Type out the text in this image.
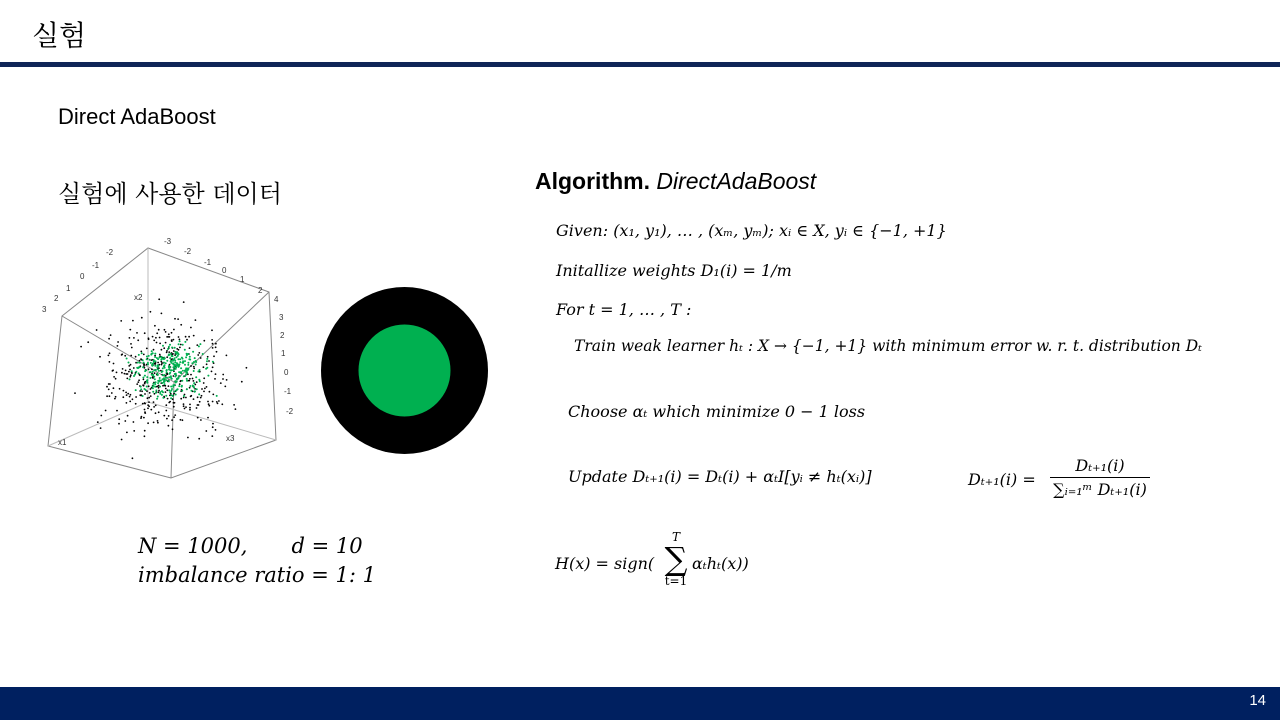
실험
Direct AdaBoost
실험에 사용한 데이터
3
2
1
0
-1
-2
-3
-2
-1
0
1
2
4
3
2
1
0
-1
-2
x2
x1	x3
N = 1000, d = 10
imbalance ratio = 1: 1
Algorithm. DirectAdaBoost
Given: (x₁, y₁), … , (xₘ, yₘ); xᵢ ∈ X, yᵢ ∈ {−1, +1}
Initallize weights D₁(i) = 1/m
For t = 1, … , T :
Train weak learner hₜ : X → {−1, +1} with minimum error w. r. t. distribution Dₜ
Choose αₜ which minimize 0 − 1 loss
Update Dₜ₊₁(i) = Dₜ(i) + αₜI[yᵢ ≠ hₜ(xᵢ)]	Dₜ₊₁(i) =
Dₜ₊₁(i)
∑ᵢ₌₁ᵐ Dₜ₊₁(i)
H(x) = sign(
T
∑
t=1
αₜhₜ(x))
14
